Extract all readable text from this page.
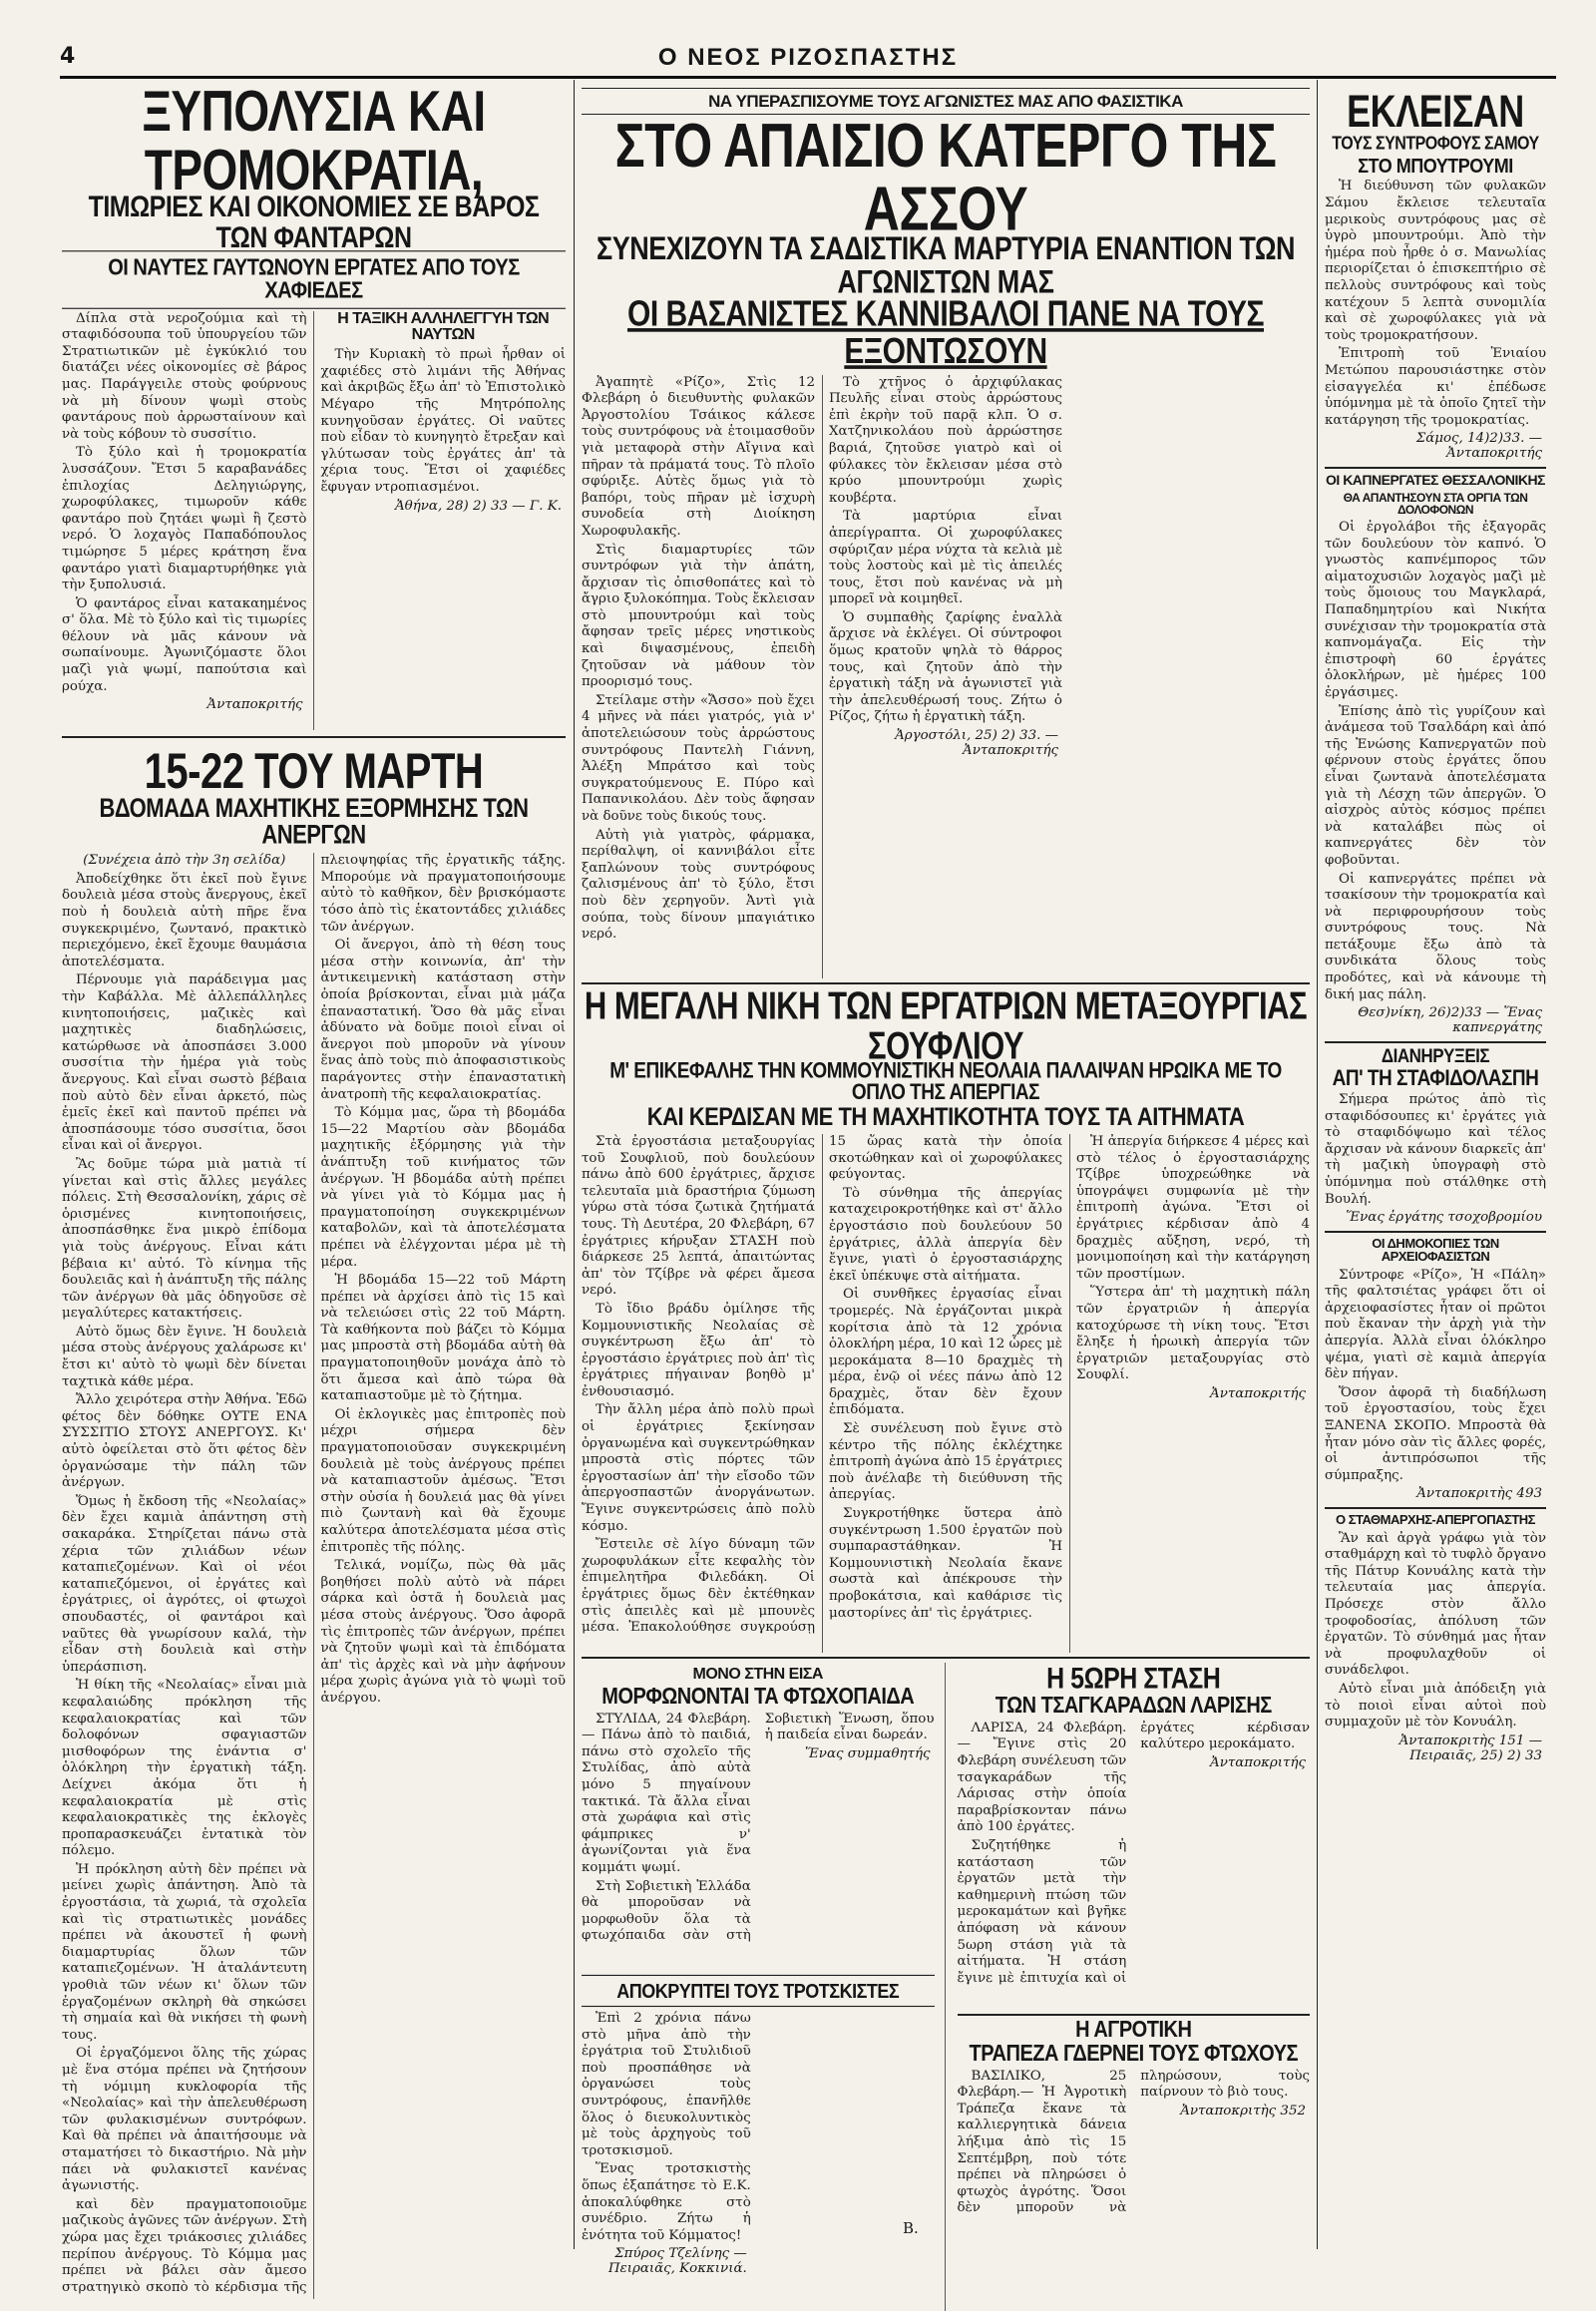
4	Ο ΝΕΟΣ ΡΙΖΟΣΠΑΣΤΗΣ
ΞΥΠΟΛΥΣΙΑ ΚΑΙ ΤΡΟΜΟΚΡΑΤΙΑ,
ΤΙΜΩΡΙΕΣ ΚΑΙ ΟΙΚΟΝΟΜΙΕΣ ΣΕ ΒΑΡΟΣ ΤΩΝ ΦΑΝΤΑΡΩΝ
ΟΙ ΝΑΥΤΕΣ ΓΑΥΤΩΝΟΥΝ ΕΡΓΑΤΕΣ ΑΠΟ ΤΟΥΣ ΧΑΦΙΕΔΕΣ

Δίπλα στὰ νεροζούμια καὶ τὴ σταφιδόσουπα τοῦ ὑπουργείου τῶν Στρατιωτικῶν μὲ ἐγκύκλιό του διατάζει νέες οἰκονομίες σὲ βάρος μας. Παράγγειλε στοὺς φούρνους νὰ μὴ δίνουν ψωμὶ στοὺς φαντάρους ποὺ ἀρρωσταίνουν καὶ νὰ τοὺς κόβουν τὸ συσσίτιο.

Τὸ ξύλο καὶ ἡ τρομοκρατία λυσσάζουν. Ἔτσι 5 καραβανάδες ἐπιλοχίας Δεληγιώργης, χωροφύλακες, τιμωροῦν κάθε φαντάρο ποὺ ζητάει ψωμὶ ἢ ζεστὸ νερό. Ὁ λοχαγὸς Παπαδόπουλος τιμώρησε 5 μέρες κράτηση ἕνα φαντάρο γιατὶ διαμαρτυρήθηκε γιὰ τὴν ξυπολυσιά.

Ὁ φαντάρος εἶναι κατακαημένος σ' ὅλα. Μὲ τὸ ξύλο καὶ τὶς τιμωρίες θέλουν νὰ μᾶς κάνουν νὰ σωπαίνουμε. Ἀγωνιζόμαστε ὅλοι μαζὶ γιὰ ψωμί, παπούτσια καὶ ρούχα.

Ἀνταποκριτής

Η ΤΑΞΙΚΗ ΑΛΛΗΛΕΓΓΥΗ ΤΩΝ ΝΑΥΤΩΝ

Τὴν Κυριακὴ τὸ πρωὶ ἦρθαν οἱ χαφιέδες στὸ λιμάνι τῆς Ἀθήνας καὶ ἀκριβῶς ἔξω ἀπ' τὸ Ἐπιστολικὸ Μέγαρο τῆς Μητρόπολης κυνηγοῦσαν ἐργάτες. Οἱ ναῦτες ποὺ εἶδαν τὸ κυνηγητὸ ἔτρεξαν καὶ γλύτωσαν τοὺς ἐργάτες ἀπ' τὰ χέρια τους. Ἔτσι οἱ χαφιέδες ἔφυγαν ντροπιασμένοι.

Ἀθήνα, 28) 2) 33 — Γ. Κ.

15-22 ΤΟΥ ΜΑΡΤΗ
ΒΔΟΜΑΔΑ ΜΑΧΗΤΙΚΗΣ ΕΞΟΡΜΗΣΗΣ ΤΩΝ ΑΝΕΡΓΩΝ

(Συνέχεια ἀπὸ τὴν 3η σελίδα)

Ἀποδείχθηκε ὅτι ἐκεῖ ποὺ ἔγινε δουλειὰ μέσα στοὺς ἄνεργους, ἐκεῖ ποὺ ἡ δουλειὰ αὐτὴ πῆρε ἕνα συγκεκριμένο, ζωντανό, πρακτικὸ περιεχόμενο, ἐκεῖ ἔχουμε θαυμάσια ἀποτελέσματα.

Πέρνουμε γιὰ παράδειγμα μας τὴν Καβάλλα. Μὲ ἀλλεπάλληλες κινητοποιήσεις, μαζικὲς καὶ μαχητικὲς διαδηλώσεις, κατώρθωσε νὰ ἀποσπάσει 3.000 συσσίτια τὴν ἡμέρα γιὰ τοὺς ἄνεργους. Καὶ εἶναι σωστὸ βέβαια ποὺ αὐτὸ δὲν εἶναι ἀρκετό, πὼς ἐμεῖς ἐκεῖ καὶ παντοῦ πρέπει νὰ ἀποσπάσουμε τόσο συσσίτια, ὅσοι εἶναι καὶ οἱ ἄνεργοι.

Ἂς δοῦμε τώρα μιὰ ματιὰ τί γίνεται καὶ στὶς ἄλλες μεγάλες πόλεις. Στὴ Θεσσαλονίκη, χάρις σὲ ὁρισμένες κινητοποιήσεις, ἀποσπάσθηκε ἕνα μικρὸ ἐπίδομα γιὰ τοὺς ἀνέργους. Εἶναι κάτι βέβαια κι' αὐτό. Τὸ κίνημα τῆς δουλειᾶς καὶ ἡ ἀνάπτυξη τῆς πάλης τῶν ἀνέργων θὰ μᾶς ὁδηγοῦσε σὲ μεγαλύτερες κατακτήσεις.

Αὐτὸ ὅμως δὲν ἔγινε. Ἡ δουλειὰ μέσα στοὺς ἀνέργους χαλάρωσε κι' ἔτσι κι' αὐτὸ τὸ ψωμὶ δὲν δίνεται ταχτικὰ κάθε μέρα.

Ἄλλο χειρότερα στὴν Ἀθήνα. Ἐδῶ φέτος δὲν δόθηκε ΟΥΤΕ ΕΝΑ ΣΥΣΣΙΤΙΟ ΣΤΟΥΣ ΑΝΕΡΓΟΥΣ. Κι' αὐτὸ ὀφείλεται στὸ ὅτι φέτος δὲν ὀργανώσαμε τὴν πάλη τῶν ἀνέργων.

Ὅμως ἡ ἔκδοση τῆς «Νεολαίας» δὲν ἔχει καμιὰ ἀπάντηση στὴ σακαράκα. Στηρίζεται πάνω στὰ χέρια τῶν χιλιάδων νέων καταπιεζομένων. Καὶ οἱ νέοι καταπιεζόμενοι, οἱ ἐργάτες καὶ ἐργάτριες, οἱ ἀγρότες, οἱ φτωχοὶ σπουδαστές, οἱ φαντάροι καὶ ναῦτες θὰ γνωρίσουν καλά, τὴν εἶδαν στὴ δουλειὰ καὶ στὴν ὑπεράσπιση.

Ἡ θίκη τῆς «Νεολαίας» εἶναι μιὰ κεφαλαιώδης πρόκληση τῆς κεφαλαιοκρατίας καὶ τῶν δολοφόνων σφαγιαστῶν μισθοφόρων της ἐνάντια σ' ὁλόκληρη τὴν ἐργατικὴ τάξη. Δείχνει ἀκόμα ὅτι ἡ κεφαλαιοκρατία μὲ στὶς κεφαλαιοκρατικὲς της ἐκλογὲς προπαρασκευάζει ἐντατικὰ τὸν πόλεμο.

Ἡ πρόκληση αὐτὴ δὲν πρέπει νὰ μείνει χωρὶς ἀπάντηση. Ἀπὸ τὰ ἐργοστάσια, τὰ χωριά, τὰ σχολεῖα καὶ τὶς στρατιωτικὲς μονάδες πρέπει νὰ ἀκουστεῖ ἡ φωνὴ διαμαρτυρίας ὅλων τῶν καταπιεζομένων. Ἡ ἀταλάντευτη γροθιὰ τῶν νέων κι' ὅλων τῶν ἐργαζομένων σκληρὴ θὰ σηκώσει τὴ σημαία καὶ θὰ νικήσει τὴ φωνὴ τους.

Οἱ ἐργαζόμενοι ὅλης τῆς χώρας μὲ ἕνα στόμα πρέπει νὰ ζητήσουν τὴ νόμιμη κυκλοφορία τῆς «Νεολαίας» καὶ τὴν ἀπελευθέρωση τῶν φυλακισμένων συντρόφων. Καὶ θὰ πρέπει νὰ ἀπαιτήσουμε νὰ σταματήσει τὸ δικαστήριο. Νὰ μὴν πάει νὰ φυλακιστεῖ κανένας ἀγωνιστής.

καὶ δὲν πραγματοποιοῦμε μαζικοὺς ἀγῶνες τῶν ἀνέργων. Στὴ χώρα μας ἔχει τριάκοσιες χιλιάδες περίπου ἀνέργους. Τὸ Κόμμα μας πρέπει νὰ βάλει σὰν ἄμεσο στρατηγικὸ σκοπὸ τὸ κέρδισμα τῆς πλειοψηφίας τῆς ἐργατικῆς τάξης. Μπορούμε νὰ πραγματοποιήσουμε αὐτὸ τὸ καθῆκον, δὲν βρισκόμαστε τόσο ἀπὸ τὶς ἑκατοντάδες χιλιάδες τῶν ἀνέργων.

Οἱ ἄνεργοι, ἀπὸ τὴ θέση τους μέσα στὴν κοινωνία, ἀπ' τὴν ἀντικειμενικὴ κατάσταση στὴν ὁποία βρίσκονται, εἶναι μιὰ μάζα ἐπαναστατική. Ὅσο θὰ μᾶς εἶναι ἀδύνατο νὰ δοῦμε ποιοὶ εἶναι οἱ ἄνεργοι ποὺ μποροῦν νὰ γίνουν ἕνας ἀπὸ τοὺς πιὸ ἀποφασιστικοὺς παράγοντες στὴν ἐπαναστατικὴ ἀνατροπὴ τῆς κεφαλαιοκρατίας.

Τὸ Κόμμα μας, ὥρα τὴ βδομάδα 15—22 Μαρτίου σὰν βδομάδα μαχητικῆς ἐξόρμησης γιὰ τὴν ἀνάπτυξη τοῦ κινήματος τῶν ἀνέργων. Ἡ βδομάδα αὐτὴ πρέπει νὰ γίνει γιὰ τὸ Κόμμα μας ἡ πραγματοποίηση συγκεκριμένων καταβολῶν, καὶ τὰ ἀποτελέσματα πρέπει νὰ ἐλέγχονται μέρα μὲ τὴ μέρα.

Ἡ βδομάδα 15—22 τοῦ Μάρτη πρέπει νὰ ἀρχίσει ἀπὸ τὶς 15 καὶ νὰ τελειώσει στὶς 22 τοῦ Μάρτη. Τὰ καθήκοντα ποὺ βάζει τὸ Κόμμα μας μπροστὰ στὴ βδομάδα αὐτὴ θὰ πραγματοποιηθοῦν μονάχα ἀπὸ τὸ ὅτι ἄμεσα καὶ ἀπὸ τώρα θὰ καταπιαστοῦμε μὲ τὸ ζήτημα.

Οἱ ἐκλογικὲς μας ἐπιτροπὲς ποὺ μέχρι σήμερα δὲν πραγματοποιοῦσαν συγκεκριμένη δουλειὰ μὲ τοὺς ἀνέργους πρέπει νὰ καταπιαστοῦν ἀμέσως. Ἔτσι στὴν οὐσία ἡ δουλειά μας θὰ γίνει πιὸ ζωντανὴ καὶ θὰ ἔχουμε καλύτερα ἀποτελέσματα μέσα στὶς ἐπιτροπὲς τῆς πόλης.

Τελικά, νομίζω, πὼς θὰ μᾶς βοηθήσει πολὺ αὐτὸ νὰ πάρει σάρκα καὶ ὀστᾶ ἡ δουλειὰ μας μέσα στοὺς ἀνέργους. Ὅσο ἀφορᾶ τὶς ἐπιτροπὲς τῶν ἀνέργων, πρέπει νὰ ζητοῦν ψωμὶ καὶ τὰ ἐπιδόματα ἀπ' τὶς ἀρχὲς καὶ νὰ μὴν ἀφήνουν μέρα χωρὶς ἀγώνα γιὰ τὸ ψωμὶ τοῦ ἀνέργου.

ΝΑ ΥΠΕΡΑΣΠΙΣΟΥΜΕ ΤΟΥΣ ΑΓΩΝΙΣΤΕΣ ΜΑΣ ΑΠΟ ΦΑΣΙΣΤΙΚΑ
ΣΤΟ ΑΠΑΙΣΙΟ ΚΑΤΕΡΓΟ ΤΗΣ ΑΣΣΟΥ
ΣΥΝΕΧΙΖΟΥΝ ΤΑ ΣΑΔΙΣΤΙΚΑ ΜΑΡΤΥΡΙΑ ΕΝΑΝΤΙΟΝ ΤΩΝ ΑΓΩΝΙΣΤΩΝ ΜΑΣ
ΟΙ ΒΑΣΑΝΙΣΤΕΣ ΚΑΝΝΙΒΑΛΟΙ ΠΑΝΕ ΝΑ ΤΟΥΣ ΕΞΟΝΤΩΣΟΥΝ

Ἀγαπητὲ «Ρίζο», Στὶς 12 Φλεβάρη ὁ διευθυντὴς φυλακῶν Ἀργοστολίου Τσάικος κάλεσε τοὺς συντρόφους νὰ ἑτοιμασθοῦν γιὰ μεταφορὰ στὴν Αἴγινα καὶ πῆραν τὰ πράματά τους. Τὸ πλοῖο σφύριξε. Αὐτὲς ὅμως γιὰ τὸ βαπόρι, τοὺς πῆραν μὲ ἰσχυρὴ συνοδεία στὴ Διοίκηση Χωροφυλακῆς.

Στὶς διαμαρτυρίες τῶν συντρόφων γιὰ τὴν ἀπάτη, ἄρχισαν τὶς ὀπισθοπάτες καὶ τὸ ἄγριο ξυλοκόπημα. Τοὺς ἔκλεισαν στὸ μπουντρούμι καὶ τοὺς ἄφησαν τρεῖς μέρες νηστικοὺς καὶ διψασμένους, ἐπειδὴ ζητοῦσαν νὰ μάθουν τὸν προορισμό τους.

Στείλαμε στὴν «Ἄσσο» ποὺ ἔχει 4 μῆνες νὰ πάει γιατρός, γιὰ ν' ἀποτελειώσουν τοὺς ἀρρώστους συντρόφους Παντελὴ Γιάννη, Ἀλέξη Μπράτσο καὶ τοὺς συγκρατούμενους Ε. Πύρο καὶ Παπανικολάου. Δὲν τοὺς ἄφησαν νὰ δοῦνε τοὺς δικούς τους.

Αὐτὴ γιὰ γιατρὸς, φάρμακα, περίθαλψη, οἱ καννιβάλοι εἶτε ξαπλώνουν τοὺς συντρόφους ζαλισμένους ἀπ' τὸ ξύλο, ἔτσι ποὺ δὲν χερηγοῦν. Ἀντὶ γιὰ σούπα, τοὺς δίνουν μπαγιάτικο νερό.

Τὸ χτῆνος ὁ ἀρχιφύλακας Πευλῆς εἶναι στοὺς ἀρρώστους ἐπὶ ἐκρὴν τοῦ παρᾷ κλπ. Ὁ σ. Χατζηνικολάου ποὺ ἀρρώστησε βαριά, ζητοῦσε γιατρὸ καὶ οἱ φύλακες τὸν ἔκλεισαν μέσα στὸ κρύο μπουντρούμι χωρὶς κουβέρτα.

Τὰ μαρτύρια εἶναι ἀπερίγραπτα. Οἱ χωροφύλακες σφύριζαν μέρα νύχτα τὰ κελιὰ μὲ τοὺς λοστοὺς καὶ μὲ τὶς ἀπειλές τους, ἔτσι ποὺ κανένας νὰ μὴ μπορεῖ νὰ κοιμηθεῖ.

Ὁ συμπαθὴς ζαρίφης ἐναλλὰ ἄρχισε νὰ ἐκλέγει. Οἱ σύντροφοι ὅμως κρατοῦν ψηλὰ τὸ θάρρος τους, καὶ ζητοῦν ἀπὸ τὴν ἐργατικὴ τάξη νὰ ἀγωνιστεῖ γιὰ τὴν ἀπελευθέρωσή τους. Ζήτω ὁ Ρίζος, ζήτω ἡ ἐργατικὴ τάξη.

Ἀργοστόλι, 25) 2) 33. — Ἀνταποκριτής

Η ΜΕΓΑΛΗ ΝΙΚΗ ΤΩΝ ΕΡΓΑΤΡΙΩΝ ΜΕΤΑΞΟΥΡΓΙΑΣ ΣΟΥΦΛΙΟΥ
Μ' ΕΠΙΚΕΦΑΛΗΣ ΤΗΝ ΚΟΜΜΟΥΝΙΣΤΙΚΗ ΝΕΟΛΑΙΑ ΠΑΛΑΙΨΑΝ ΗΡΩΙΚΑ ΜΕ ΤΟ ΟΠΛΟ ΤΗΣ ΑΠΕΡΓΙΑΣ
ΚΑΙ ΚΕΡΔΙΣΑΝ ΜΕ ΤΗ ΜΑΧΗΤΙΚΟΤΗΤΑ ΤΟΥΣ ΤΑ ΑΙΤΗΜΑΤΑ

Στὰ ἐργοστάσια μεταξουργίας τοῦ Σουφλιοῦ, ποὺ δουλεύουν πάνω ἀπὸ 600 ἐργάτριες, ἄρχισε τελευταῖα μιὰ δραστήρια ζύμωση γύρω στὰ τόσα ζωτικὰ ζητήματά τους. Τὴ Δευτέρα, 20 Φλεβάρη, 67 ἐργάτριες κήρυξαν ΣΤΑΣΗ ποὺ διάρκεσε 25 λεπτά, ἀπαιτώντας ἀπ' τὸν Τζίβρε νὰ φέρει ἄμεσα νερό.

Τὸ ἴδιο βράδυ ὀμίλησε τῆς Κομμουνιστικῆς Νεολαίας σὲ συγκέντρωση ἔξω ἀπ' τὸ ἐργοστάσιο ἐργάτριες ποὺ ἀπ' τὶς ἐργάτριες πήγαιναν βοηθὸ μ' ἐνθουσιασμό.

Τὴν ἄλλη μέρα ἀπὸ πολὺ πρωὶ οἱ ἐργάτριες ξεκίνησαν ὀργανωμένα καὶ συγκεντρώθηκαν μπροστὰ στὶς πόρτες τῶν ἐργοστασίων ἀπ' τὴν εἴσοδο τῶν ἀπεργοσπαστῶν ἀνοργάνωτων. Ἔγινε συγκεντρώσεις ἀπὸ πολὺ κόσμο.

Ἔστειλε σὲ λίγο δύναμη τῶν χωροφυλάκων εἶτε κεφαλὴς τὸν ἐπιμελητῆρα Φιλεδάκη. Οἱ ἐργάτριες ὅμως δὲν ἐκτέθηκαν στὶς ἀπειλὲς καὶ μὲ μπουνὲς μέσα. Ἐπακολούθησε συγκρούσῃ 15 ὥρας κατὰ τὴν ὁποία σκοτώθηκαν καὶ οἱ χωροφύλακες φεύγοντας.

Τὸ σύνθημα τῆς ἀπεργίας καταχειροκροτήθηκε καὶ στ' ἄλλο ἐργοστάσιο ποὺ δουλεύουν 50 ἐργάτριες, ἀλλὰ ἀπεργία δὲν ἔγινε, γιατὶ ὁ ἐργοστασιάρχης ἐκεῖ ὑπέκυψε στὰ αἰτήματα.

Οἱ συνθῆκες ἐργασίας εἶναι τρομερές. Νὰ ἐργάζονται μικρὰ κορίτσια ἀπὸ τὰ 12 χρόνια ὁλοκλήρη μέρα, 10 καὶ 12 ὧρες μὲ μεροκάματα 8—10 δραχμὲς τὴ μέρα, ἐνῷ οἱ νέες πάνω ἀπὸ 12 δραχμὲς, ὅταν δὲν ἔχουν ἐπιδόματα.

Σὲ συνέλευση ποὺ ἔγινε στὸ κέντρο τῆς πόλης ἐκλέχτηκε ἐπιτροπὴ ἀγώνα ἀπὸ 15 ἐργάτριες ποὺ ἀνέλαβε τὴ διεύθυνση τῆς ἀπεργίας.

Συγκροτήθηκε ὕστερα ἀπὸ συγκέντρωση 1.500 ἐργατῶν ποὺ συμπαραστάθηκαν. Ἡ Κομμουνιστικὴ Νεολαία ἔκανε σωστὰ καὶ ἀπέκρουσε τὴν προβοκάτσια, καὶ καθάρισε τὶς μαστορίνες ἀπ' τὶς ἐργάτριες.

Ἡ ἀπεργία διήρκεσε 4 μέρες καὶ στὸ τέλος ὁ ἐργοστασιάρχης Τζίβρε ὑποχρεώθηκε νὰ ὑπογράψει συμφωνία μὲ τὴν ἐπιτροπὴ ἀγώνα. Ἔτσι οἱ ἐργάτριες κέρδισαν ἀπὸ 4 δραχμὲς αὔξηση, νερό, τὴ μονιμοποίηση καὶ τὴν κατάργηση τῶν προστίμων.

Ὕστερα ἀπ' τὴ μαχητικὴ πάλη τῶν ἐργατριῶν ἡ ἀπεργία κατοχύρωσε τὴ νίκη τους. Ἔτσι ἔληξε ἡ ἡρωικὴ ἀπεργία τῶν ἐργατριῶν μεταξουργίας στὸ Σουφλί.

Ἀνταποκριτής

ΜΟΝΟ ΣΤΗΝ ΕΙΣΑ
ΜΟΡΦΩΝΟΝΤΑΙ ΤΑ ΦΤΩΧΟΠΑΙΔΑ

ΣΤΥΛΙΔΑ, 24 Φλεβάρη.— Πάνω ἀπὸ τὸ παιδιά, πάνω στὸ σχολεῖο τῆς Στυλίδας, ἀπὸ αὐτὰ μόνο 5 πηγαίνουν τακτικά. Τὰ ἄλλα εἶναι στὰ χωράφια καὶ στὶς φάμπρικες ν' ἀγωνίζονται γιὰ ἕνα κομμάτι ψωμί.

Στὴ Σοβιετικὴ Ἑλλάδα θὰ μποροῦσαν νὰ μορφωθοῦν ὅλα τὰ φτωχόπαιδα σὰν στὴ Σοβιετικὴ Ἕνωση, ὅπου ἡ παιδεία εἶναι δωρεάν.

Ἕνας συμμαθητής

ΑΠΟΚΡΥΠΤΕΙ ΤΟΥΣ ΤΡΟΤΣΚΙΣΤΕΣ

Ἐπὶ 2 χρόνια πάνω στὸ μῆνα ἀπὸ τὴν ἐργάτρια τοῦ Στυλιδιοῦ ποὺ προσπάθησε νὰ ὀργανώσει τοὺς συντρόφους, ἐπανῆλθε ὅλος ὁ διευκολυντικὸς μὲ τοὺς ἀρχηγοὺς τοῦ τροτσκισμοῦ.

Ἕνας τροτσκιστὴς ὅπως ἐξαπάτησε τὸ Ε.Κ. ἀποκαλύφθηκε στὸ συνέδριο. Ζήτω ἡ ἑνότητα τοῦ Κόμματος!

Σπύρος Τζελίνης — Πειραιᾶς, Κοκκινιά.

Η 5ΩΡΗ ΣΤΑΣΗ
ΤΩΝ ΤΣΑΓΚΑΡΑΔΩΝ ΛΑΡΙΣΗΣ

ΛΑΡΙΣΑ, 24 Φλεβάρη.— Ἔγινε στὶς 20 Φλεβάρη συνέλευση τῶν τσαγκαράδων τῆς Λάρισας στὴν ὁποία παραβρίσκονταν πάνω ἀπὸ 100 ἐργάτες.

Συζητήθηκε ἡ κατάσταση τῶν ἐργατῶν μετὰ τὴν καθημερινὴ πτώση τῶν μεροκαμάτων καὶ βγῆκε ἀπόφαση νὰ κάνουν 5ωρη στάση γιὰ τὰ αἰτήματα. Ἡ στάση ἔγινε μὲ ἐπιτυχία καὶ οἱ ἐργάτες κέρδισαν καλύτερο μεροκάματο.

Ἀνταποκριτής

Η ΑΓΡΟΤΙΚΗ
ΤΡΑΠΕΖΑ ΓΔΕΡΝΕΙ ΤΟΥΣ ΦΤΩΧΟΥΣ

ΒΑΣΙΛΙΚΟ, 25 Φλεβάρη.— Ἡ Ἀγροτικὴ Τράπεζα ἔκανε τὰ καλλιεργητικὰ δάνεια λήξιμα ἀπὸ τὶς 15 Σεπτέμβρη, ποὺ τότε πρέπει νὰ πληρώσει ὁ φτωχὸς ἀγρότης. Ὅσοι δὲν μποροῦν νὰ πληρώσουν, τοὺς παίρνουν τὸ βιὸ τους.

Ἀνταποκριτὴς 352

Β.
ΕΚΛΕΙΣΑΝ
ΤΟΥΣ ΣΥΝΤΡΟΦΟΥΣ ΣΑΜΟΥ
ΣΤΟ ΜΠΟΥΤΡΟΥΜΙ

Ἡ διεύθυνση τῶν φυλακῶν Σάμου ἔκλεισε τελευταῖα μερικοὺς συντρόφους μας σὲ ὑγρὸ μπουντρούμι. Ἀπὸ τὴν ἡμέρα ποὺ ἦρθε ὁ σ. Μανωλίας περιορίζεται ὁ ἐπισκεπτήριο σὲ πελλοὺς συντρόφους καὶ τοὺς κατέχουν 5 λεπτὰ συνομιλία καὶ σὲ χωροφύλακες γιὰ νὰ τοὺς τρομοκρατήσουν.

Ἐπιτροπὴ τοῦ Ἐνιαίου Μετώπου παρουσιάστηκε στὸν εἰσαγγελέα κι' ἐπέδωσε ὑπόμνημα μὲ τὰ ὁποῖο ζητεῖ τὴν κατάργηση τῆς τρομοκρατίας.

Σάμος, 14)2)33. — Ἀνταποκριτής

ΟΙ ΚΑΠΝΕΡΓΑΤΕΣ ΘΕΣΣΑΛΟΝΙΚΗΣ
ΘΑ ΑΠΑΝΤΗΣΟΥΝ ΣΤΑ ΟΡΓΙΑ ΤΩΝ ΔΟΛΟΦΟΝΩΝ

Οἱ ἐργολάβοι τῆς ἐξαγορᾶς τῶν δουλεύουν τὸν καπνό. Ὁ γνωστὸς καπνέμπορος τῶν αἱματοχυσιῶν λοχαγὸς μαζὶ μὲ τοὺς ὅμοιους του Μαγκλαρά, Παπαδημητρίου καὶ Νικήτα συνέχισαν τὴν τρομοκρατία στὰ καπνομάγαζα. Εἰς τὴν ἐπιστροφὴ 60 ἐργάτες ὁλοκλήρων, μὲ ἡμέρες 100 ἐργάσιμες.

Ἐπίσης ἀπὸ τὶς γυρίζουν καὶ ἀνάμεσα τοῦ Τσαλδάρη καὶ ἀπό τῆς Ἑνώσης Καπνεργατῶν ποὺ φέρνουν στοὺς ἐργάτες ὅπου εἶναι ζωντανὰ ἀποτελέσματα γιὰ τὴ Λέσχη τῶν ἀπεργῶν. Ὁ αἰσχρὸς αὐτὸς κόσμος πρέπει νὰ καταλάβει πὼς οἱ καπνεργάτες δὲν τὸν φοβοῦνται.

Οἱ καπνεργάτες πρέπει νὰ τσακίσουν τὴν τρομοκρατία καὶ νὰ περιφρουρήσουν τοὺς συντρόφους τους. Νὰ πετάξουμε ἔξω ἀπὸ τὰ συνδικάτα ὅλους τοὺς προδότες, καὶ νὰ κάνουμε τὴ δική μας πάλη.

Θεσ)νίκη, 26)2)33 — Ἕνας καπνεργάτης

ΔΙΑΝΗΡΥΞΕΙΣ
ΑΠ' ΤΗ ΣΤΑΦΙΔΟΛΑΣΠΗ

Σήμερα πρώτος ἀπὸ τὶς σταφιδόσουπες κι' ἐργάτες γιὰ τὸ σταφιδόψωμο καὶ τέλος ἄρχισαν νὰ κάνουν διαρκεῖς ἀπ' τὴ μαζικὴ ὑπογραφὴ στὸ ὑπόμνημα ποὺ στάλθηκε στὴ Βουλή.

Ἕνας ἐργάτης τσοχοβρομίου

ΟΙ ΔΗΜΟΚΟΠΙΕΣ ΤΩΝ ΑΡΧΕΙΟΦΑΣΙΣΤΩΝ

Σύντροφε «Ρίζο», Ἡ «Πάλη» τῆς φαλτσιέτας γράφει ὅτι οἱ ἀρχειοφασίστες ἦταν οἱ πρῶτοι ποὺ ἔκαναν τὴν ἀρχὴ γιὰ τὴν ἀπεργία. Ἀλλὰ εἶναι ὁλόκληρο ψέμα, γιατὶ σὲ καμιὰ ἀπεργία δὲν πήγαν.

Ὅσον ἀφορᾶ τὴ διαδήλωση τοῦ ἐργοστασίου, τοὺς ἔχει ΞΑΝΕΝΑ ΣΚΟΠΟ. Μπροστὰ θὰ ἦταν μόνο σὰν τὶς ἄλλες φορές, οἱ ἀντιπρόσωποι τῆς σύμπραξης.

Ἀνταποκριτὴς 493

Ο ΣΤΑΘΜΑΡΧΗΣ-ΑΠΕΡΓΟΠΑΣΤΗΣ

Ἂν καὶ ἀργὰ γράφω γιὰ τὸν σταθμάρχη καὶ τὸ τυφλὸ ὄργανο τῆς Πάτυρ Κονυάλης κατὰ τὴν τελευταία μας ἀπεργία. Πρόσεχε στὸν ἄλλο τροφοδοσίας, ἀπόλυση τῶν ἐργατῶν. Τὸ σύνθημά μας ἦταν νὰ προφυλαχθοῦν οἱ συνάδελφοι.

Αὐτὸ εἶναι μιὰ ἀπόδειξη γιὰ τὸ ποιοὶ εἶναι αὐτοὶ ποὺ συμμαχοῦν μὲ τὸν Κονυάλη.

Ἀνταποκριτὴς 151 — Πειραιᾶς, 25) 2) 33
